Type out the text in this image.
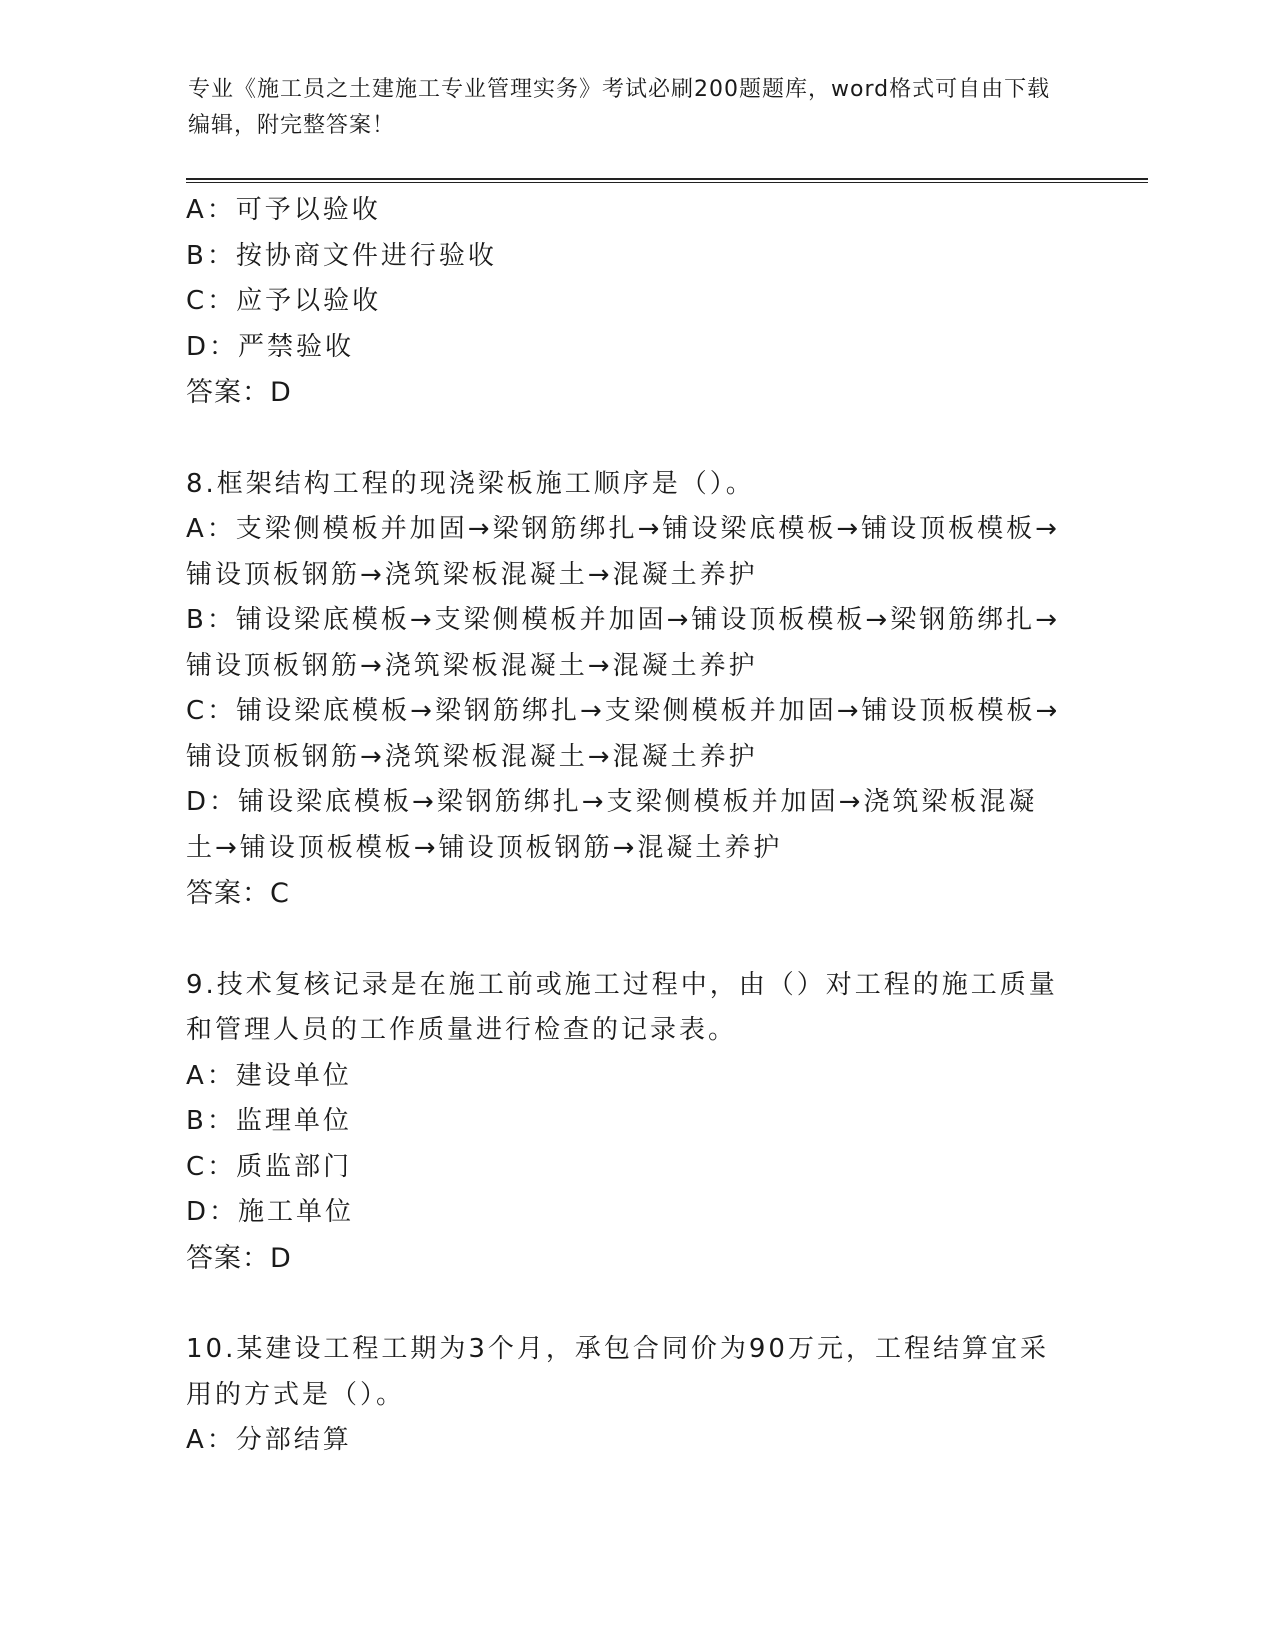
专业《施工员之土建施工专业管理实务》考试必刷200题题库，word格式可自由下载编辑，附完整答案！
A：可予以验收
B：按协商文件进行验收
C：应予以验收
D：严禁验收
答案：D
8.框架结构工程的现浇梁板施工顺序是（）。
A：支梁侧模板并加固→梁钢筋绑扎→铺设梁底模板→铺设顶板模板→铺设顶板钢筋→浇筑梁板混凝土→混凝土养护
B：铺设梁底模板→支梁侧模板并加固→铺设顶板模板→梁钢筋绑扎→铺设顶板钢筋→浇筑梁板混凝土→混凝土养护
C：铺设梁底模板→梁钢筋绑扎→支梁侧模板并加固→铺设顶板模板→铺设顶板钢筋→浇筑梁板混凝土→混凝土养护
D：铺设梁底模板→梁钢筋绑扎→支梁侧模板并加固→浇筑梁板混凝土→铺设顶板模板→铺设顶板钢筋→混凝土养护
答案：C
9.技术复核记录是在施工前或施工过程中，由（）对工程的施工质量和管理人员的工作质量进行检查的记录表。
A：建设单位
B：监理单位
C：质监部门
D：施工单位
答案：D
10.某建设工程工期为3个月，承包合同价为90万元，工程结算宜采用的方式是（）。
A：分部结算
